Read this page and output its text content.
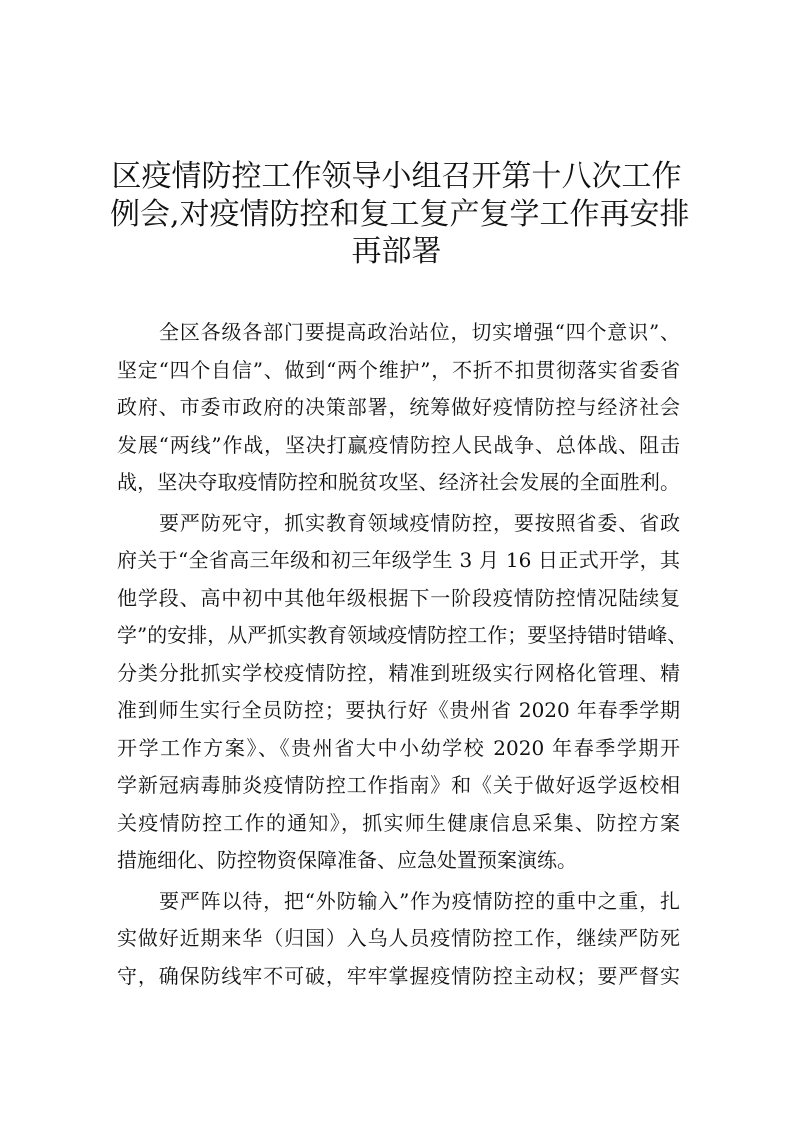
区疫情防控工作领导小组召开第十八次工作
例会,对疫情防控和复工复产复学工作再安排
再部署
全区各级各部门要提高政治站位，切实增强“四个意识”、
坚定“四个自信”、做到“两个维护”，不折不扣贯彻落实省委省
政府、市委市政府的决策部署，统筹做好疫情防控与经济社会
发展“两线”作战，坚决打赢疫情防控人民战争、总体战、阻击
战，坚决夺取疫情防控和脱贫攻坚、经济社会发展的全面胜利。
要严防死守，抓实教育领域疫情防控，要按照省委、省政
府关于“全省高三年级和初三年级学生 3 月 16 日正式开学，其
他学段、高中初中其他年级根据下一阶段疫情防控情况陆续复
学”的安排，从严抓实教育领域疫情防控工作；要坚持错时错峰、
分类分批抓实学校疫情防控，精准到班级实行网格化管理、精
准到师生实行全员防控；要执行好《贵州省 2020 年春季学期
开学工作方案》、《贵州省大中小幼学校 2020 年春季学期开
学新冠病毒肺炎疫情防控工作指南》和《关于做好返学返校相
关疫情防控工作的通知》，抓实师生健康信息采集、防控方案
措施细化、防控物资保障准备、应急处置预案演练。
要严阵以待，把“外防输入”作为疫情防控的重中之重，扎
实做好近期来华（归国）入乌人员疫情防控工作，继续严防死
守，确保防线牢不可破，牢牢掌握疫情防控主动权；要严督实
